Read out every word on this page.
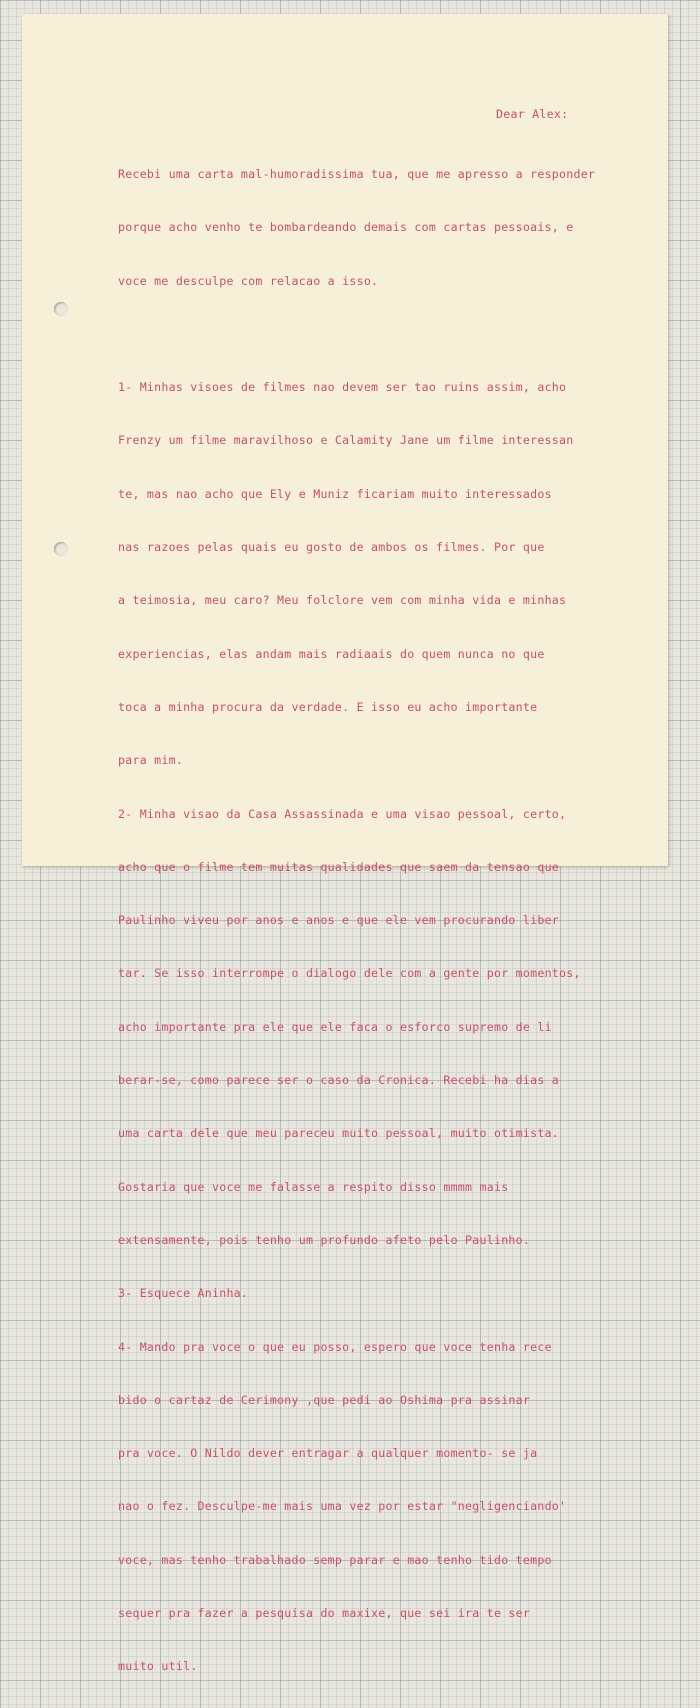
Dear Alex:

Recebi uma carta mal-humoradissima tua, que me apresso a responder

porque acho venho te bombardeando demais com cartas pessoais, e

voce me desculpe com relacao a isso.

1- Minhas visoes de filmes nao devem ser tao ruins assim, acho

Frenzy um filme maravilhoso e Calamity Jane um filme interessan

te, mas nao acho que Ely e Muniz ficariam muito interessados

nas razoes pelas quais eu gosto de ambos os filmes. Por que

a teimosia, meu caro? Meu folclore vem com minha vida e minhas

experiencias, elas andam mais radiaais do quem nunca no que

toca a minha procura da verdade. E isso eu acho importante

para mim.

2- Minha visao da Casa Assassinada e uma visao pessoal, certo,

acho que o filme tem muitas qualidades que saem da tensao que

Paulinho viveu por anos e anos e que ele vem procurando liber

tar. Se isso interrompe o dialogo dele com a gente por momentos,

acho importante pra ele que ele faca o esforco supremo de li

berar-se, como parece ser o caso da Cronica. Recebi ha dias a

uma carta dele que meu pareceu muito pessoal, muito otimista.

Gostaria que voce me falasse a respito disso mmmm mais

extensamente, pois tenho um profundo afeto pelo Paulinho.

3- Esquece Aninha.

4- Mando pra voce o que eu posso, espero que voce tenha rece

bido o cartaz de Cerimony ,que pedi ao Oshima pra assinar

pra voce. O Nildo dever entragar a qualquer momento- se ja

nao o fez. Desculpe-me mais uma vez por estar "negligenciando'

voce, mas tenho trabalhado semp parar e mao tenho tido tempo

sequer pra fazer a pesquisa do maxixe, que sei ira te ser

muito util.
